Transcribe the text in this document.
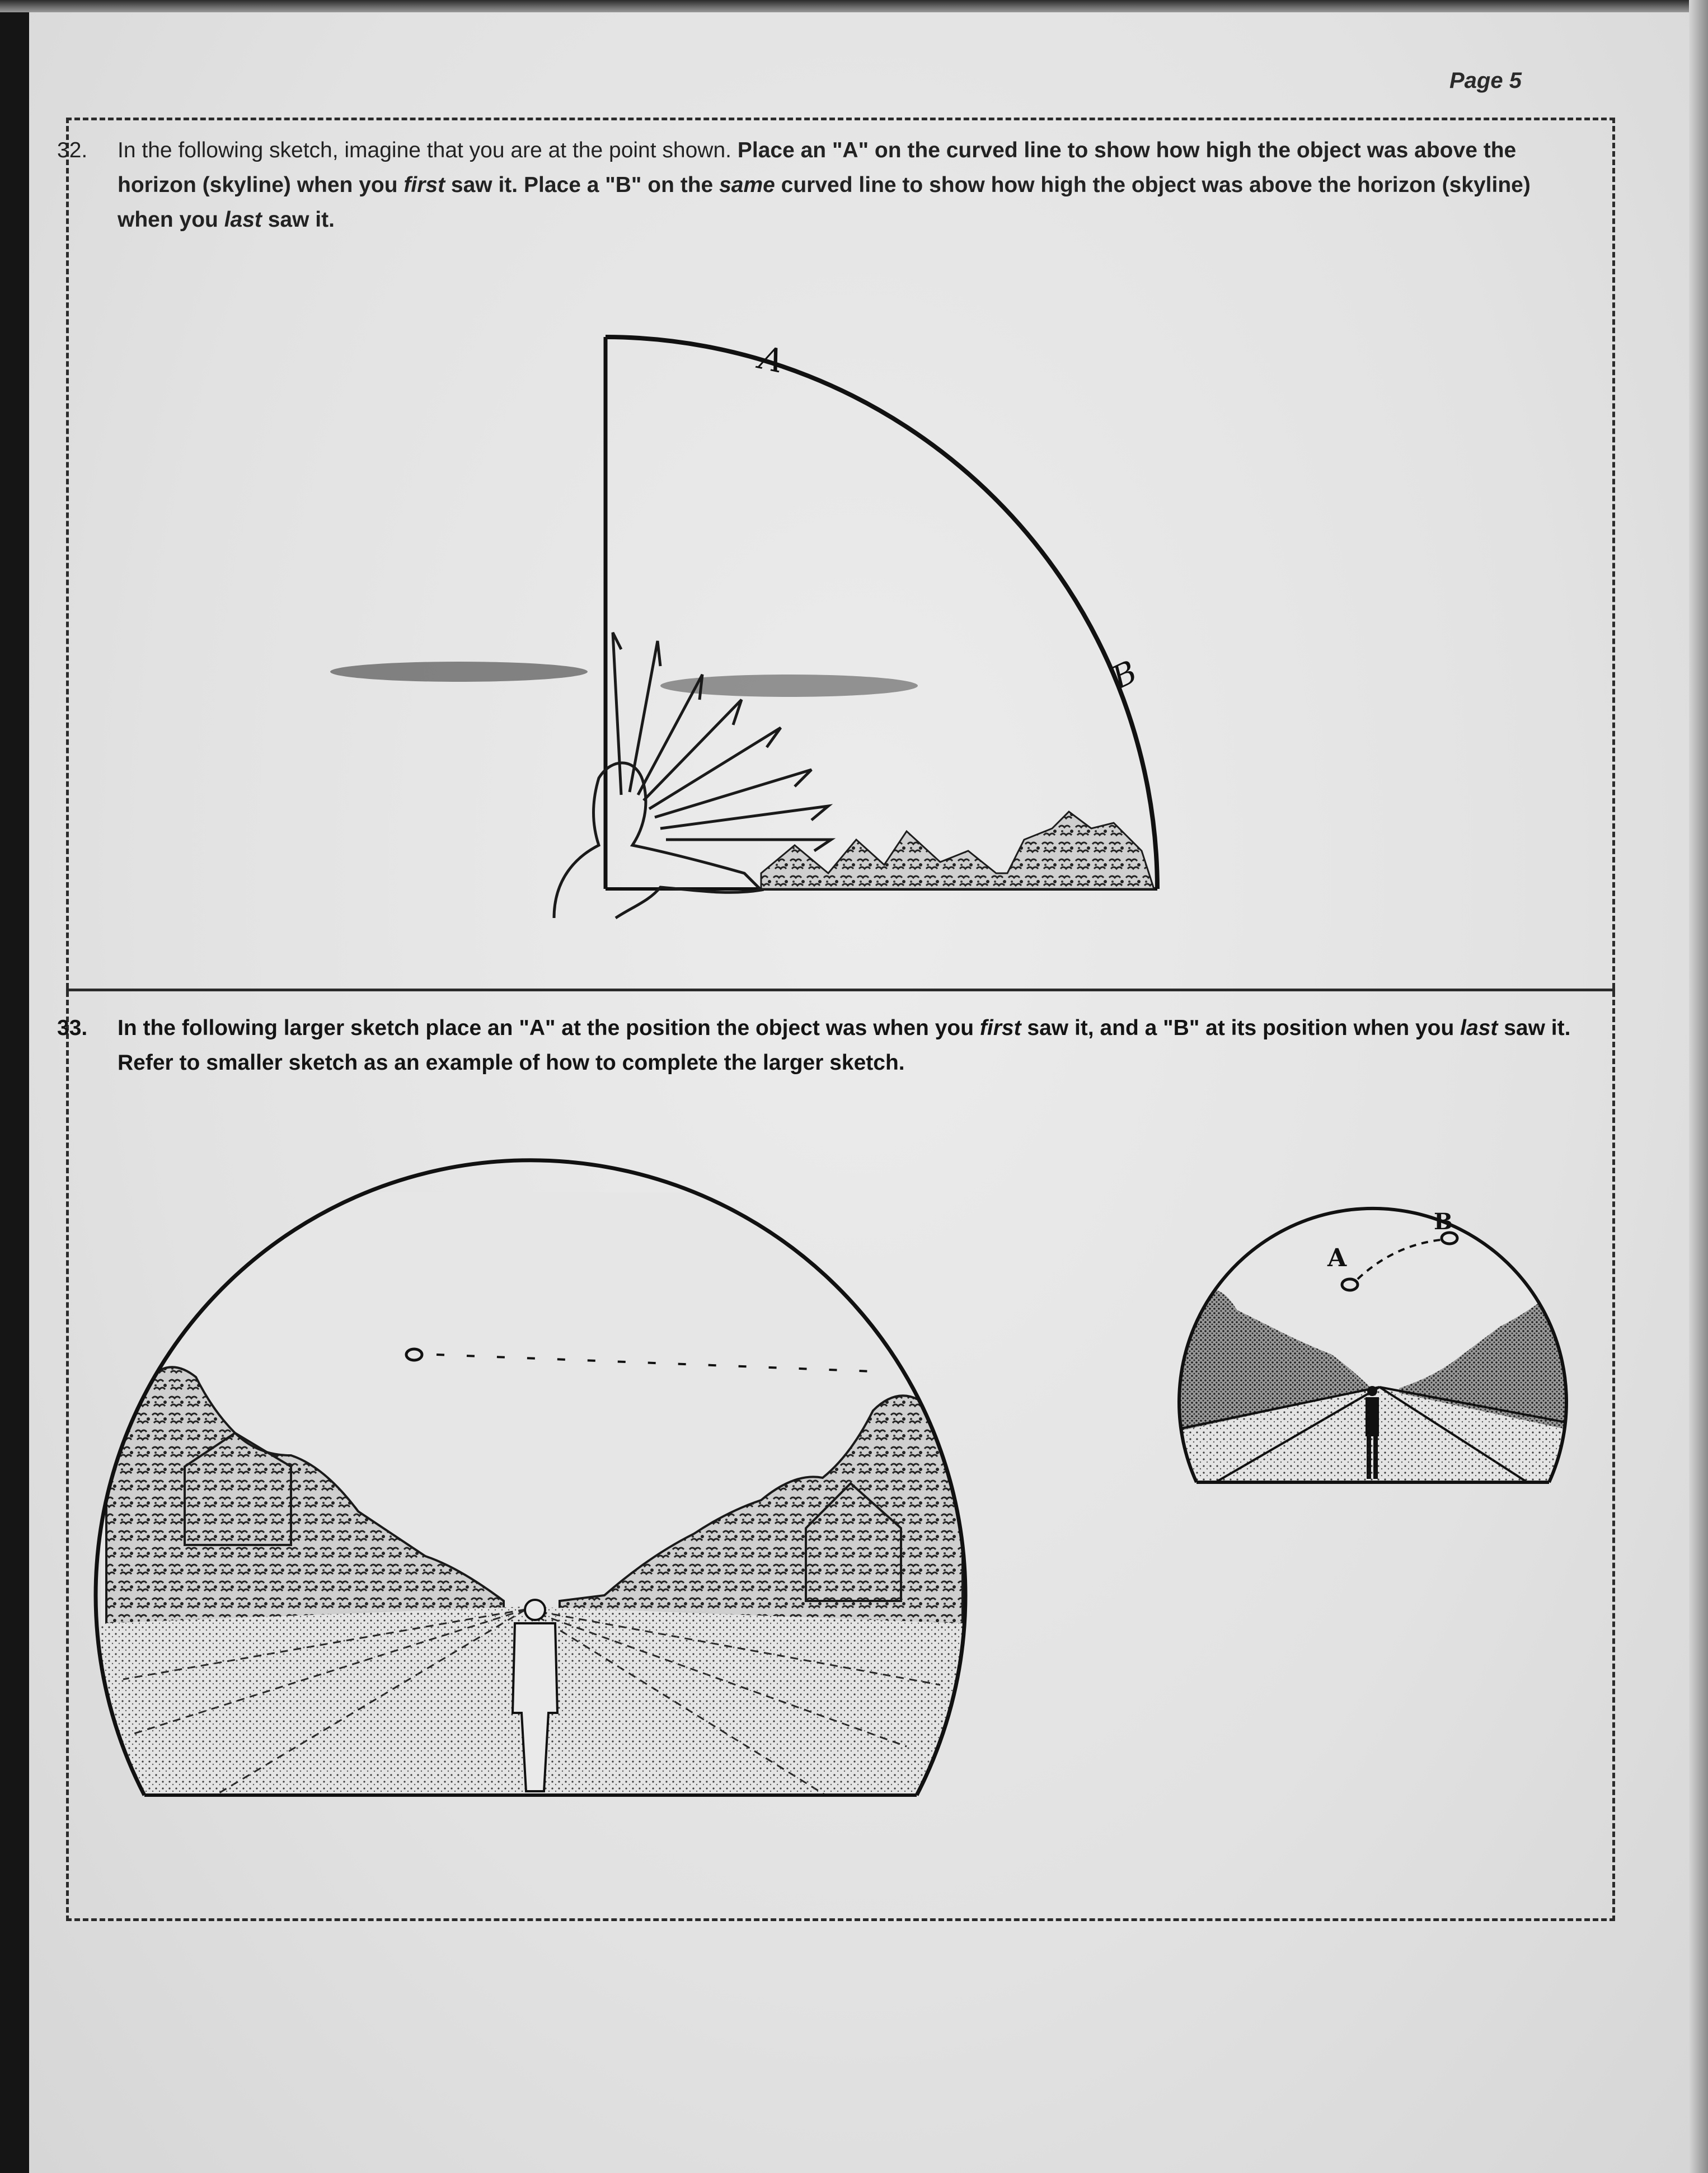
Page 5
32. In the following sketch, imagine that you are at the point shown. Place an "A" on the curved line to show how high the object was above the horizon (skyline) when you first saw it. Place a "B" on the same curved line to show how high the object was above the horizon (skyline) when you last saw it.
33. In the following larger sketch place an "A" at the position the object was when you first saw it, and a "B" at its position when you last saw it. Refer to smaller sketch as an example of how to complete the larger sketch.
A
B
A
B
